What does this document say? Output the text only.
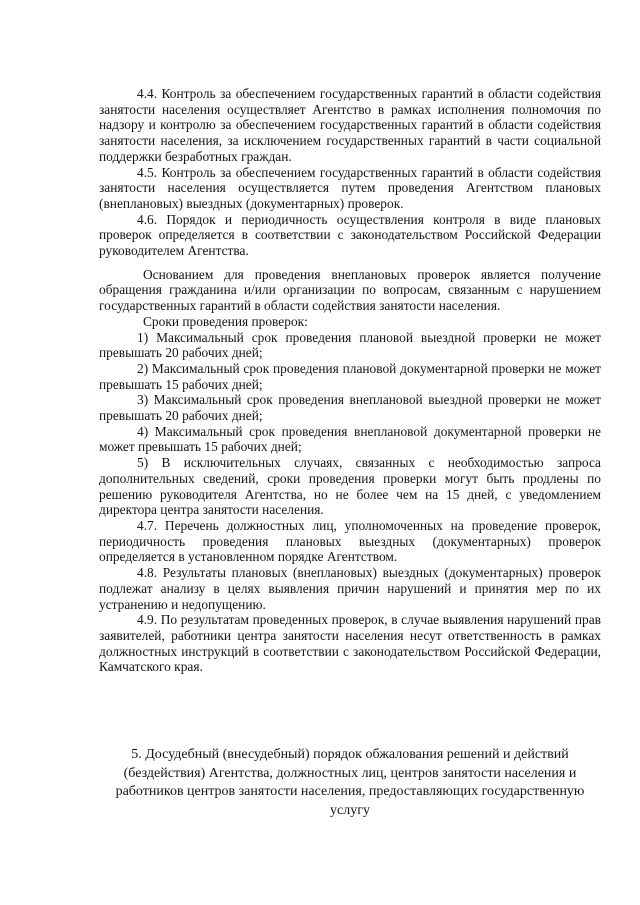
4.4. Контроль за обеспечением государственных гарантий в области содействия занятости населения осуществляет Агентство в рамках исполнения полномочия по надзору и контролю за обеспечением государственных гарантий в области содействия занятости населения, за исключением государственных гарантий в части социальной поддержки безработных граждан.

4.5. Контроль за обеспечением государственных гарантий в области содействия занятости населения осуществляется путем проведения Агентством плановых (внеплановых) выездных (документарных) проверок.

4.6. Порядок и периодичность осуществления контроля в виде плановых проверок определяется в соответствии с законодательством Российской Федерации руководителем Агентства.

Основанием для проведения внеплановых проверок является получение обращения гражданина и/или организации по вопросам, связанным с нарушением государственных гарантий в области содействия занятости населения.

Сроки проведения проверок:

1) Максимальный срок проведения плановой выездной проверки не может превышать 20 рабочих дней;

2) Максимальный срок проведения плановой документарной проверки не может превышать 15 рабочих дней;

3) Максимальный срок проведения внеплановой выездной проверки не может превышать 20 рабочих дней;

4) Максимальный срок проведения внеплановой документарной проверки не может превышать 15 рабочих дней;

5) В исключительных случаях, связанных с необходимостью запроса дополнительных сведений, сроки проведения проверки могут быть продлены по решению руководителя Агентства, но не более чем на 15 дней, с уведомлением директора центра занятости населения.

4.7. Перечень должностных лиц, уполномоченных на проведение проверок, периодичность проведения плановых выездных (документарных) проверок определяется в установленном порядке Агентством.

4.8. Результаты плановых (внеплановых) выездных (документарных) проверок подлежат анализу в целях выявления причин нарушений и принятия мер по их устранению и недопущению.

4.9. По результатам проведенных проверок, в случае выявления нарушений прав заявителей, работники центра занятости населения несут ответственность в рамках должностных инструкций в соответствии с законодательством Российской Федерации, Камчатского края.

5. Досудебный (внесудебный) порядок обжалования решений и действий (бездействия) Агентства, должностных лиц, центров занятости населения и работников центров занятости населения, предоставляющих государственную услугу
